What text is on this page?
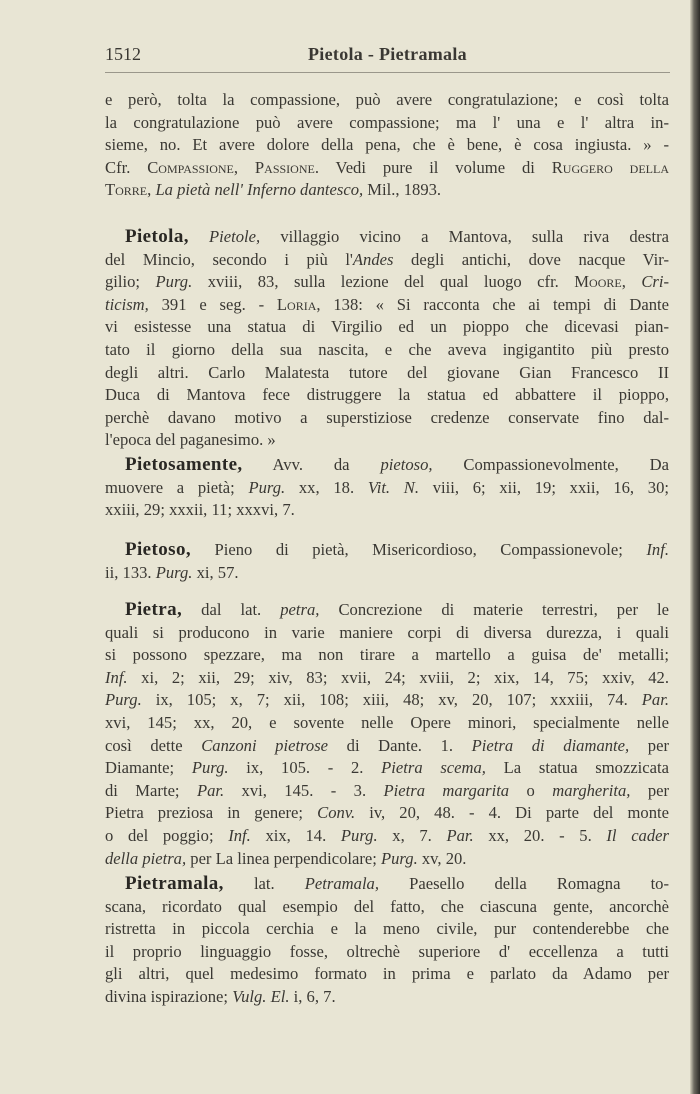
1512	Pietola - Pietramala
e però, tolta la compassione, può avere congratulazione; e così tolta
la congratulazione può avere compassione; ma l' una e l' altra in-
sieme, no. Et avere dolore della pena, che è bene, è cosa ingiusta. » -
Cfr. Compassione, Passione. Vedi pure il volume di Ruggero della
Torre, La pietà nell' Inferno dantesco, Mil., 1893.
Pietola, Pietole, villaggio vicino a Mantova, sulla riva destra
del Mincio, secondo i più l'Andes degli antichi, dove nacque Vir-
gilio; Purg. xviii, 83, sulla lezione del qual luogo cfr. Moore, Cri-
ticism, 391 e seg. - Loria, 138: « Si racconta che ai tempi di Dante
vi esistesse una statua di Virgilio ed un pioppo che dicevasi pian-
tato il giorno della sua nascita, e che aveva ingigantito più presto
degli altri. Carlo Malatesta tutore del giovane Gian Francesco II
Duca di Mantova fece distruggere la statua ed abbattere il pioppo,
perchè davano motivo a superstiziose credenze conservate fino dal-
l'epoca del paganesimo. »
Pietosamente, Avv. da pietoso, Compassionevolmente, Da
muovere a pietà; Purg. xx, 18. Vit. N. viii, 6; xii, 19; xxii, 16, 30;
xxiii, 29; xxxii, 11; xxxvi, 7.
Pietoso, Pieno di pietà, Misericordioso, Compassionevole; Inf.
ii, 133. Purg. xi, 57.
Pietra, dal lat. petra, Concrezione di materie terrestri, per le
quali si producono in varie maniere corpi di diversa durezza, i quali
si possono spezzare, ma non tirare a martello a guisa de' metalli;
Inf. xi, 2; xii, 29; xiv, 83; xvii, 24; xviii, 2; xix, 14, 75; xxiv, 42.
Purg. ix, 105; x, 7; xii, 108; xiii, 48; xv, 20, 107; xxxiii, 74. Par.
xvi, 145; xx, 20, e sovente nelle Opere minori, specialmente nelle
così dette Canzoni pietrose di Dante. 1. Pietra di diamante, per
Diamante; Purg. ix, 105. - 2. Pietra scema, La statua smozzicata
di Marte; Par. xvi, 145. - 3. Pietra margarita o margherita, per
Pietra preziosa in genere; Conv. iv, 20, 48. - 4. Di parte del monte
o del poggio; Inf. xix, 14. Purg. x, 7. Par. xx, 20. - 5. Il cader
della pietra, per La linea perpendicolare; Purg. xv, 20.
Pietramala, lat. Petramala, Paesello della Romagna to-
scana, ricordato qual esempio del fatto, che ciascuna gente, ancorchè
ristretta in piccola cerchia e la meno civile, pur contenderebbe che
il proprio linguaggio fosse, oltrechè superiore d' eccellenza a tutti
gli altri, quel medesimo formato in prima e parlato da Adamo per
divina ispirazione; Vulg. El. i, 6, 7.
